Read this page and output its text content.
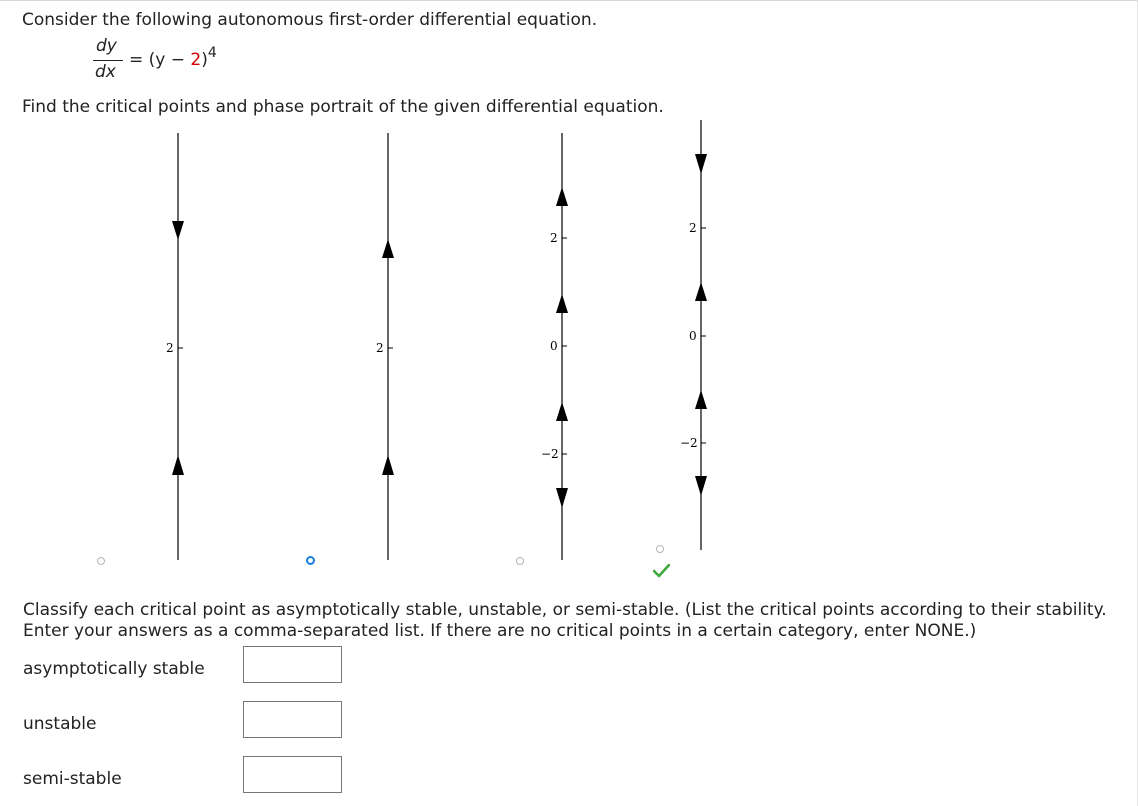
Consider the following autonomous first-order differential equation.
dy
dx
= $(y - 2)^4$
Find the critical points and phase portrait of the given differential equation.
2	2
2
0
−2
2
0
−2
Classify each critical point as asymptotically stable, unstable, or semi-stable. (List the critical points according to their stability. Enter your answers as a comma-separated list. If there are no critical points in a certain category, enter NONE.)
asymptotically stable
unstable
semi-stable
